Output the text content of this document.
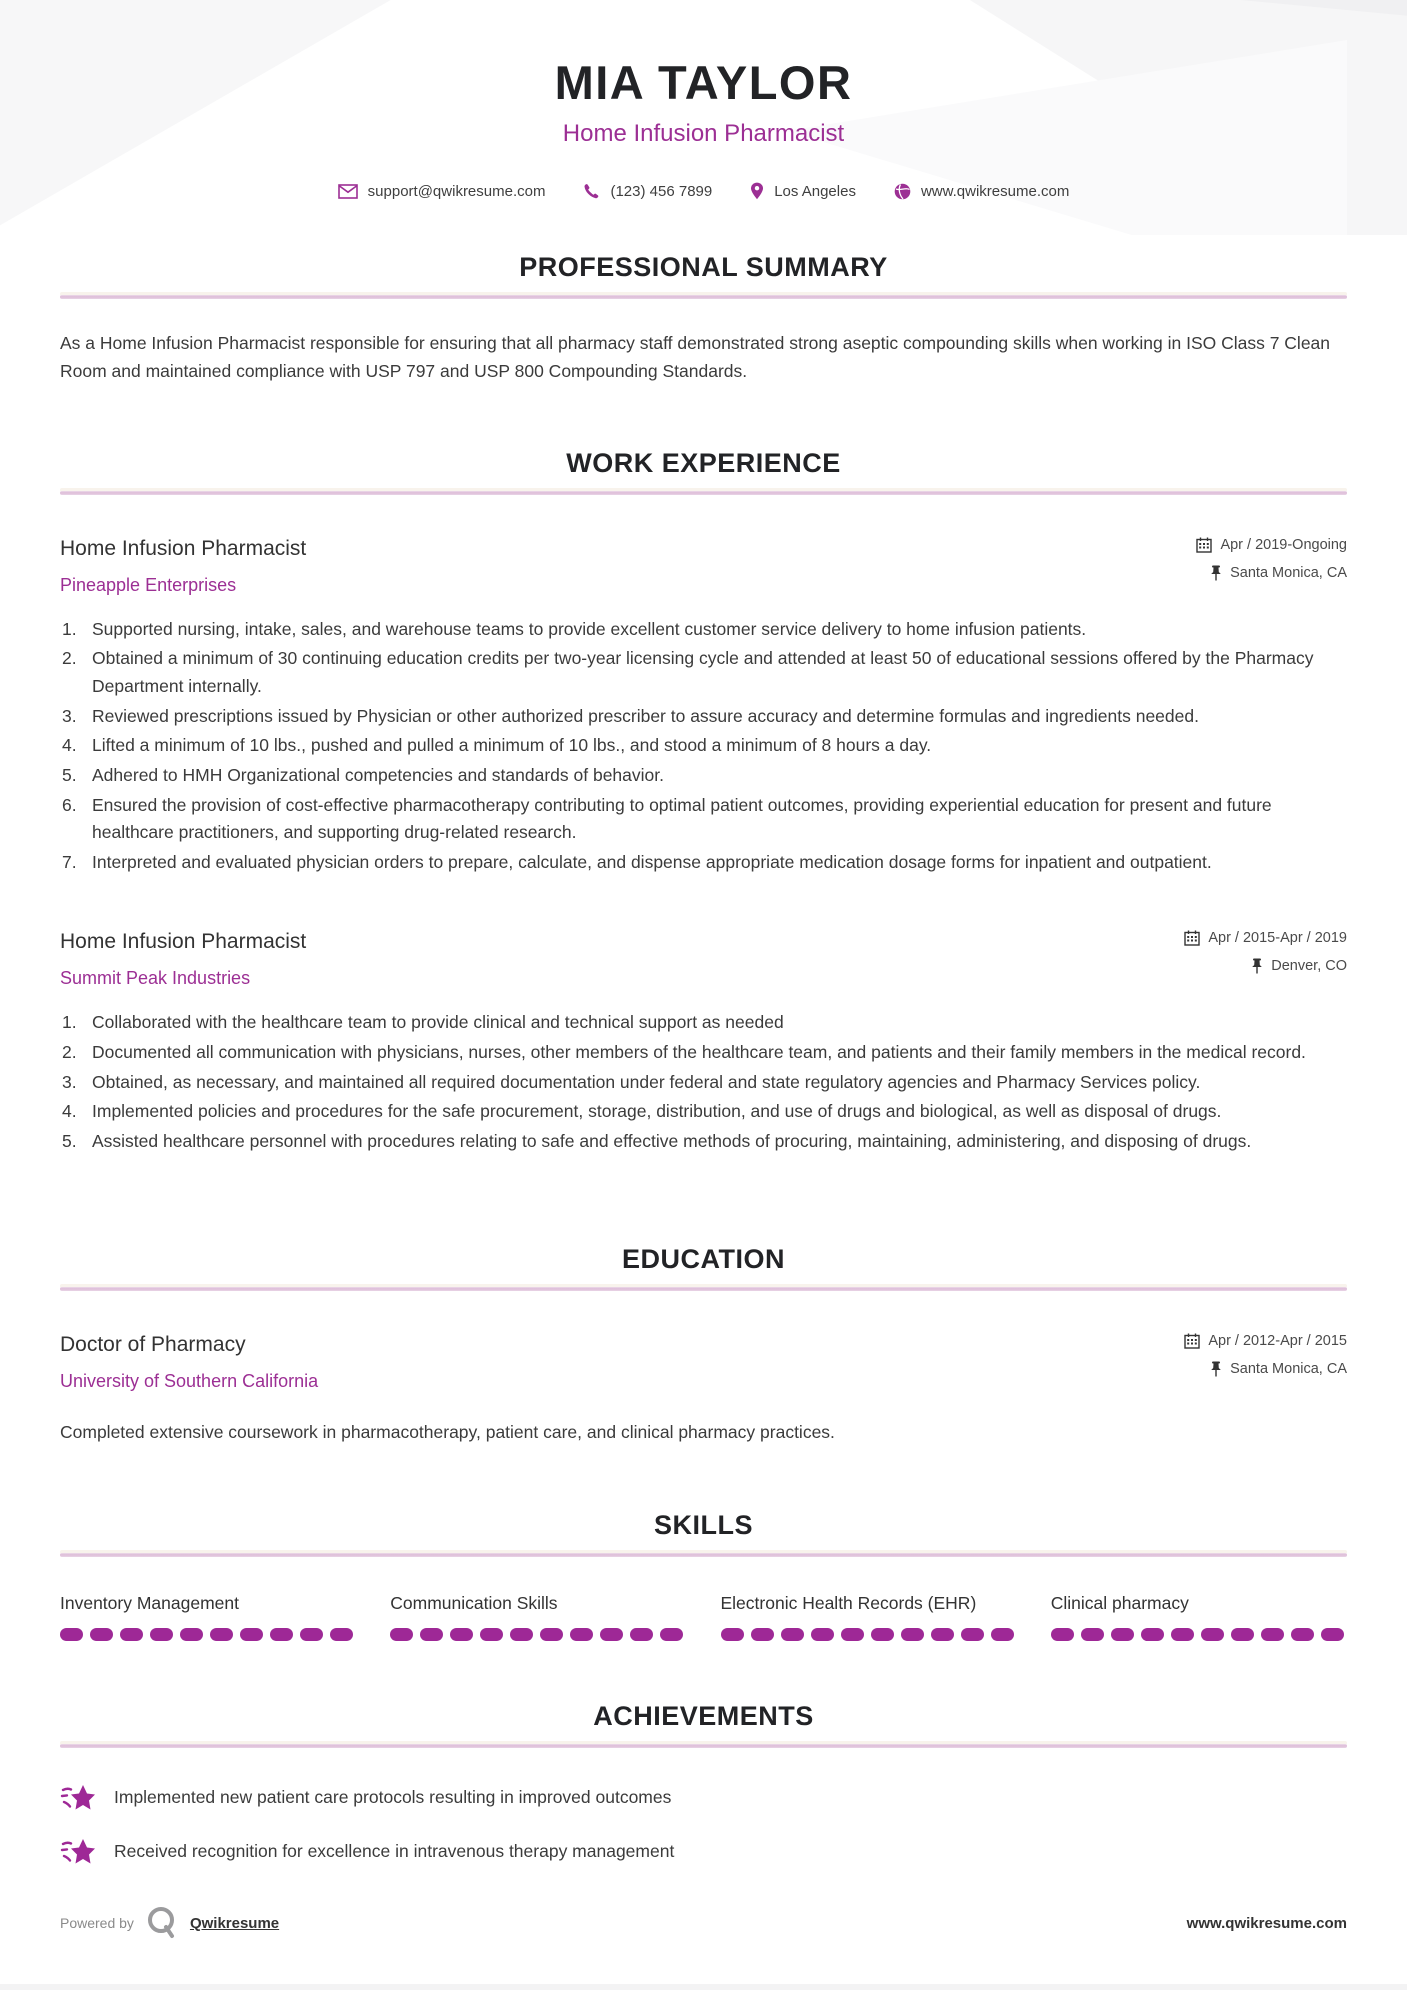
MIA TAYLOR
Home Infusion Pharmacist
support@qwikresume.com	(123) 456 7899	Los Angeles	www.qwikresume.com
PROFESSIONAL SUMMARY

As a Home Infusion Pharmacist responsible for ensuring that all pharmacy staff demonstrated strong aseptic compounding skills when working in ISO Class 7 Clean Room and maintained compliance with USP 797 and USP 800 Compounding Standards.

WORK EXPERIENCE
Home Infusion Pharmacist
Pineapple Enterprises
Apr / 2019-Ongoing
Santa Monica, CA
Supported nursing, intake, sales, and warehouse teams to provide excellent customer service delivery to home infusion patients.
Obtained a minimum of 30 continuing education credits per two-year licensing cycle and attended at least 50 of educational sessions offered by the Pharmacy Department internally.
Reviewed prescriptions issued by Physician or other authorized prescriber to assure accuracy and determine formulas and ingredients needed.
Lifted a minimum of 10 lbs., pushed and pulled a minimum of 10 lbs., and stood a minimum of 8 hours a day.
Adhered to HMH Organizational competencies and standards of behavior.
Ensured the provision of cost-effective pharmacotherapy contributing to optimal patient outcomes, providing experiential education for present and future healthcare practitioners, and supporting drug-related research.
Interpreted and evaluated physician orders to prepare, calculate, and dispense appropriate medication dosage forms for inpatient and outpatient.
Home Infusion Pharmacist
Summit Peak Industries
Apr / 2015-Apr / 2019
Denver, CO
Collaborated with the healthcare team to provide clinical and technical support as needed
Documented all communication with physicians, nurses, other members of the healthcare team, and patients and their family members in the medical record.
Obtained, as necessary, and maintained all required documentation under federal and state regulatory agencies and Pharmacy Services policy.
Implemented policies and procedures for the safe procurement, storage, distribution, and use of drugs and biological, as well as disposal of drugs.
Assisted healthcare personnel with procedures relating to safe and effective methods of procuring, maintaining, administering, and disposing of drugs.
EDUCATION
Doctor of Pharmacy
University of Southern California
Apr / 2012-Apr / 2015
Santa Monica, CA

Completed extensive coursework in pharmacotherapy, patient care, and clinical pharmacy practices.

SKILLS
Inventory Management	Communication Skills	Electronic Health Records (EHR)	Clinical pharmacy
ACHIEVEMENTS
Implemented new patient care protocols resulting in improved outcomes
Received recognition for excellence in intravenous therapy management
Powered by	Qwikresume	www.qwikresume.com
